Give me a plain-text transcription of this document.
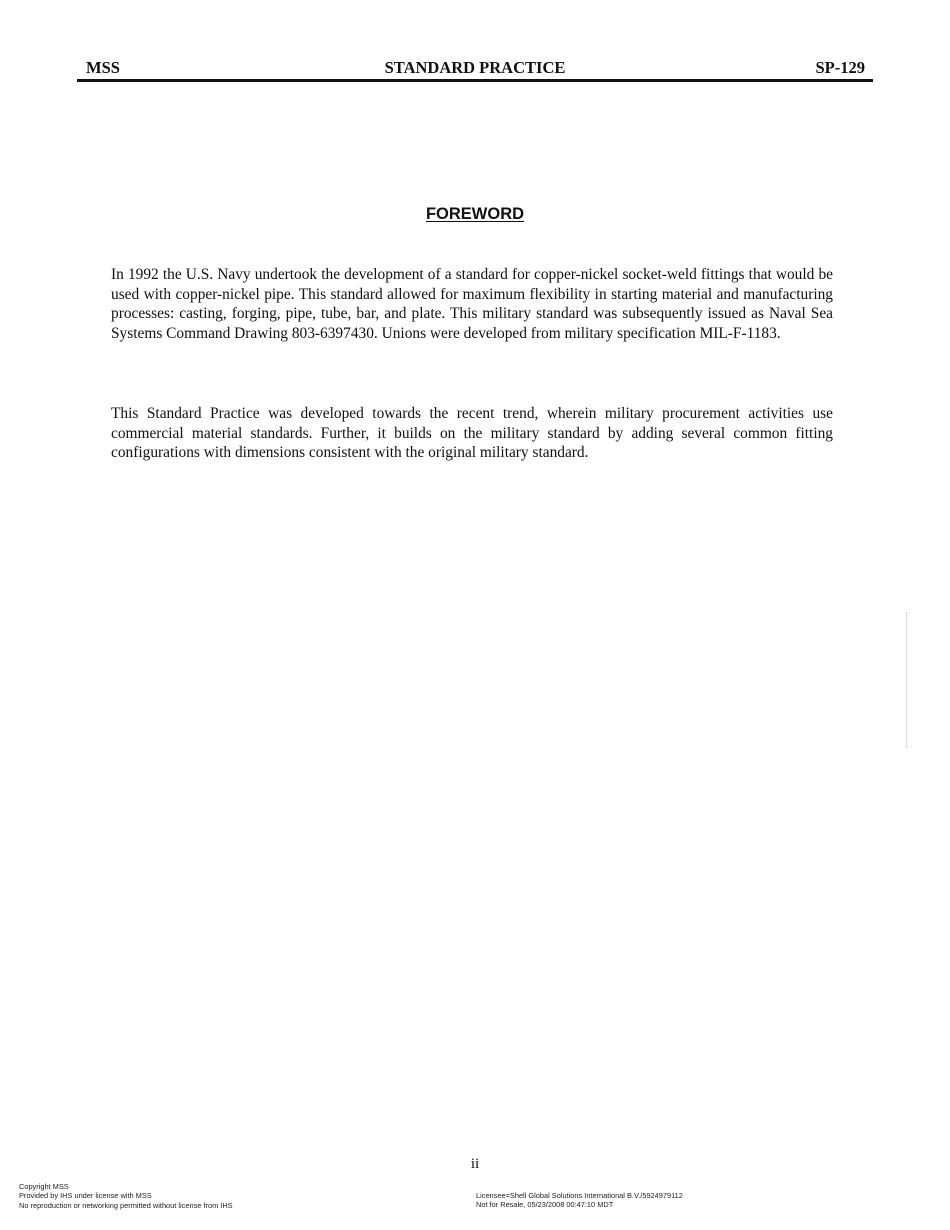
MSS	STANDARD PRACTICE	SP-129
FOREWORD

In 1992 the U.S. Navy undertook the development of a standard for copper-nickel socket-weld fittings that would be used with copper-nickel pipe. This standard allowed for maximum flexibility in starting material and manufacturing processes: casting, forging, pipe, tube, bar, and plate. This military standard was subsequently issued as Naval Sea Systems Command Drawing 803-6397430. Unions were developed from military specification MIL-F-1183.

This Standard Practice was developed towards the recent trend, wherein military procurement activities use commercial material standards. Further, it builds on the military standard by adding several common fitting configurations with dimensions consistent with the original military standard.

ii
Copyright MSS
Provided by IHS under license with MSS
No reproduction or networking permitted without license from IHS
Licensee=Shell Global Solutions International B.V./5924979112
Not for Resale, 05/23/2008 00:47:10 MDT
